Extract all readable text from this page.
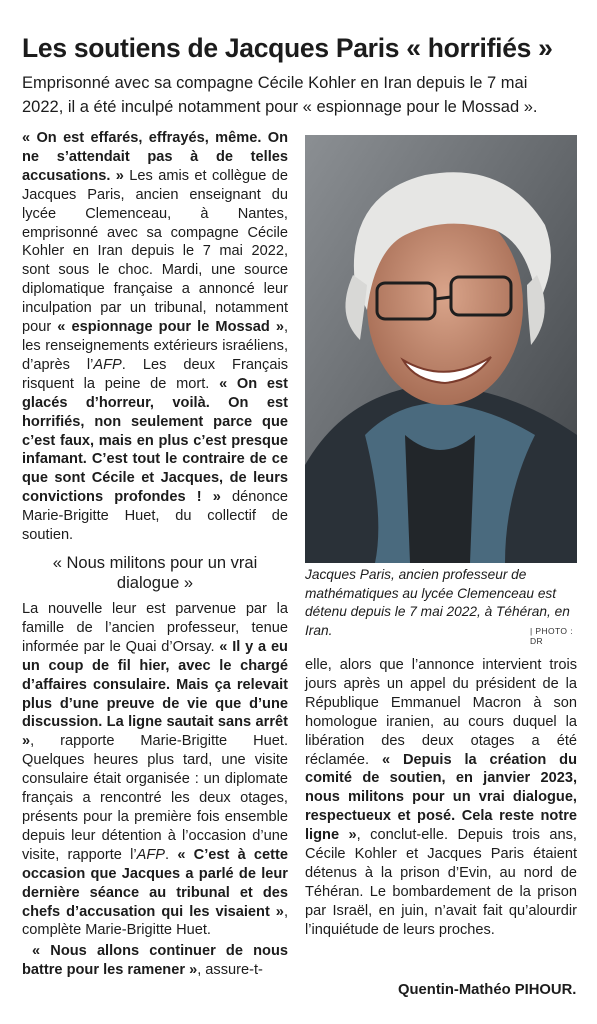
Les soutiens de Jacques Paris « horrifiés »
Emprisonné avec sa compagne Cécile Kohler en Iran depuis le 7 mai
2022, il a été inculpé notamment pour « espionnage pour le Mossad ».

« On est effarés, effrayés, même. On ne s’attendait pas à de telles accusations. » Les amis et collègue de Jacques Paris, ancien enseignant du lycée Clemenceau, à Nantes, emprisonné avec sa compagne Cécile Kohler en Iran depuis le 7 mai 2022, sont sous le choc. Mardi, une source diplomatique française a annoncé leur inculpation par un tribunal, notamment pour « espionnage pour le Mossad », les renseignements extérieurs israéliens, d’après l’AFP. Les deux Français risquent la peine de mort. « On est glacés d’horreur, voilà. On est horrifiés, non seulement parce que c’est faux, mais en plus c’est presque infamant. C’est tout le contraire de ce que sont Cécile et Jacques, de leurs convictions profondes ! » dénonce Marie-Brigitte Huet, du collectif de soutien.

« Nous militons pour un vrai dialogue »

La nouvelle leur est parvenue par la famille de l’ancien professeur, tenue informée par le Quai d’Orsay. « Il y a eu un coup de fil hier, avec le chargé d’affaires consulaire. Mais ça relevait plus d’une preuve de vie que d’une discussion. La ligne sautait sans arrêt », rapporte Marie-Brigitte Huet. Quelques heures plus tard, une visite consulaire était organisée : un diplomate français a rencontré les deux otages, présents pour la première fois ensemble depuis leur détention à l’occasion d’une visite, rapporte l’AFP. « C’est à cette occasion que Jacques a parlé de leur dernière séance au tribunal et des chefs d’accusation qui les visaient », complète Marie-Brigitte Huet.

« Nous allons continuer de nous battre pour les ramener », assure-t-

elle, alors que l’annonce intervient trois jours après un appel du président de la République Emmanuel Macron à son homologue iranien, au cours duquel la libération des deux otages a été réclamée. « Depuis la création du comité de soutien, en janvier 2023, nous militons pour un vrai dialogue, respectueux et posé. Cela reste notre ligne », conclut-elle. Depuis trois ans, Cécile Kohler et Jacques Paris étaient détenus à la prison d’Evin, au nord de Téhéran. Le bombardement de la prison par Israël, en juin, n’avait fait qu’alourdir l’inquiétude de leurs proches.

Jacques Paris, ancien professeur de mathématiques au lycée Clemenceau est détenu depuis le 7 mai 2022, à Téhéran, en Iran.	| PHOTO : DR
Quentin-Mathéo PIHOUR.
